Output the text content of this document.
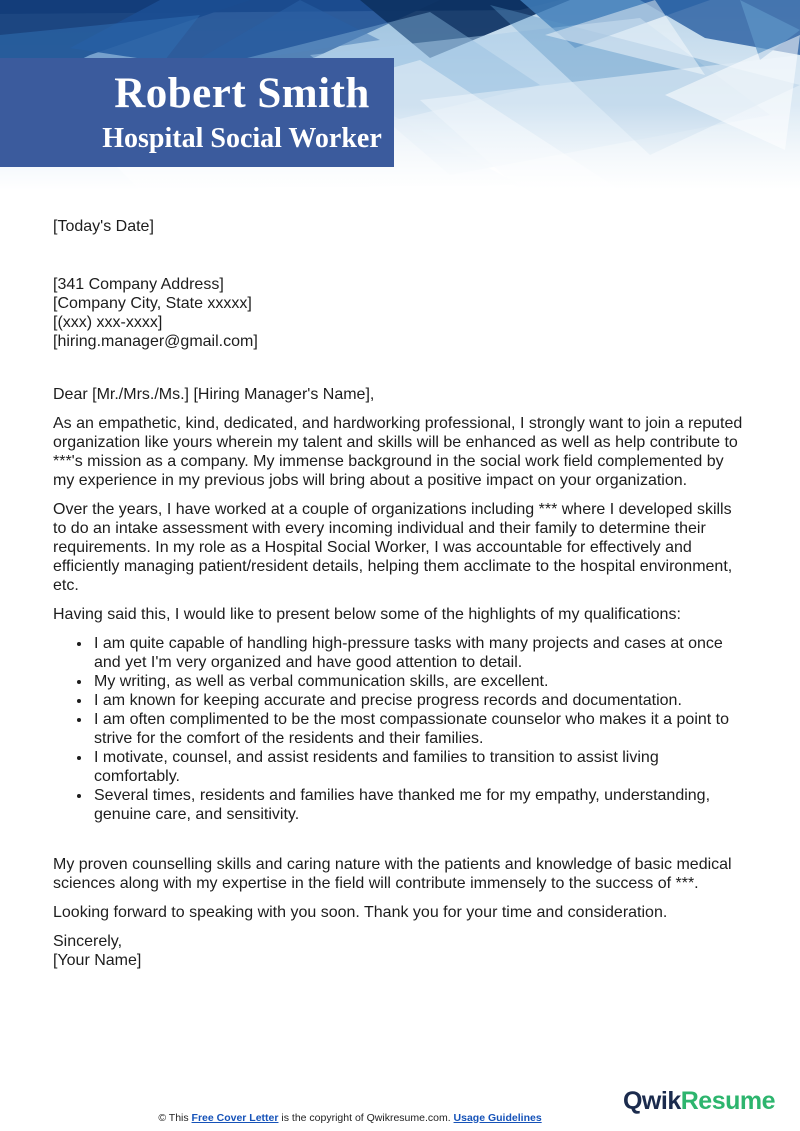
Robert Smith
Hospital Social Worker

[Today's Date]

[341 Company Address]

[Company City, State xxxxx]

[(xxx) xxx-xxxx]

[hiring.manager@gmail.com]

Dear [Mr./Mrs./Ms.] [Hiring Manager's Name],

As an empathetic, kind, dedicated, and hardworking professional, I strongly want to join a reputed organization like yours wherein my talent and skills will be enhanced as well as help contribute to ***'s mission as a company. My immense background in the social work field complemented by my experience in my previous jobs will bring about a positive impact on your organization.

Over the years, I have worked at a couple of organizations including *** where I developed skills to do an intake assessment with every incoming individual and their family to determine their requirements. In my role as a Hospital Social Worker, I was accountable for effectively and efficiently managing patient/resident details, helping them acclimate to the hospital environment, etc.

Having said this, I would like to present below some of the highlights of my qualifications:

• I am quite capable of handling high-pressure tasks with many projects and cases at once and yet I'm very organized and have good attention to detail.
• My writing, as well as verbal communication skills, are excellent.
• I am known for keeping accurate and precise progress records and documentation.
• I am often complimented to be the most compassionate counselor who makes it a point to strive for the comfort of the residents and their families.
• I motivate, counsel, and assist residents and families to transition to assist living comfortably.
• Several times, residents and families have thanked me for my empathy, understanding, genuine care, and sensitivity.

My proven counselling skills and caring nature with the patients and knowledge of basic medical sciences along with my expertise in the field will contribute immensely to the success of ***.

Looking forward to speaking with you soon. Thank you for your time and consideration.

Sincerely,

[Your Name]

© This Free Cover Letter is the copyright of Qwikresume.com. Usage Guidelines

QwikResume
